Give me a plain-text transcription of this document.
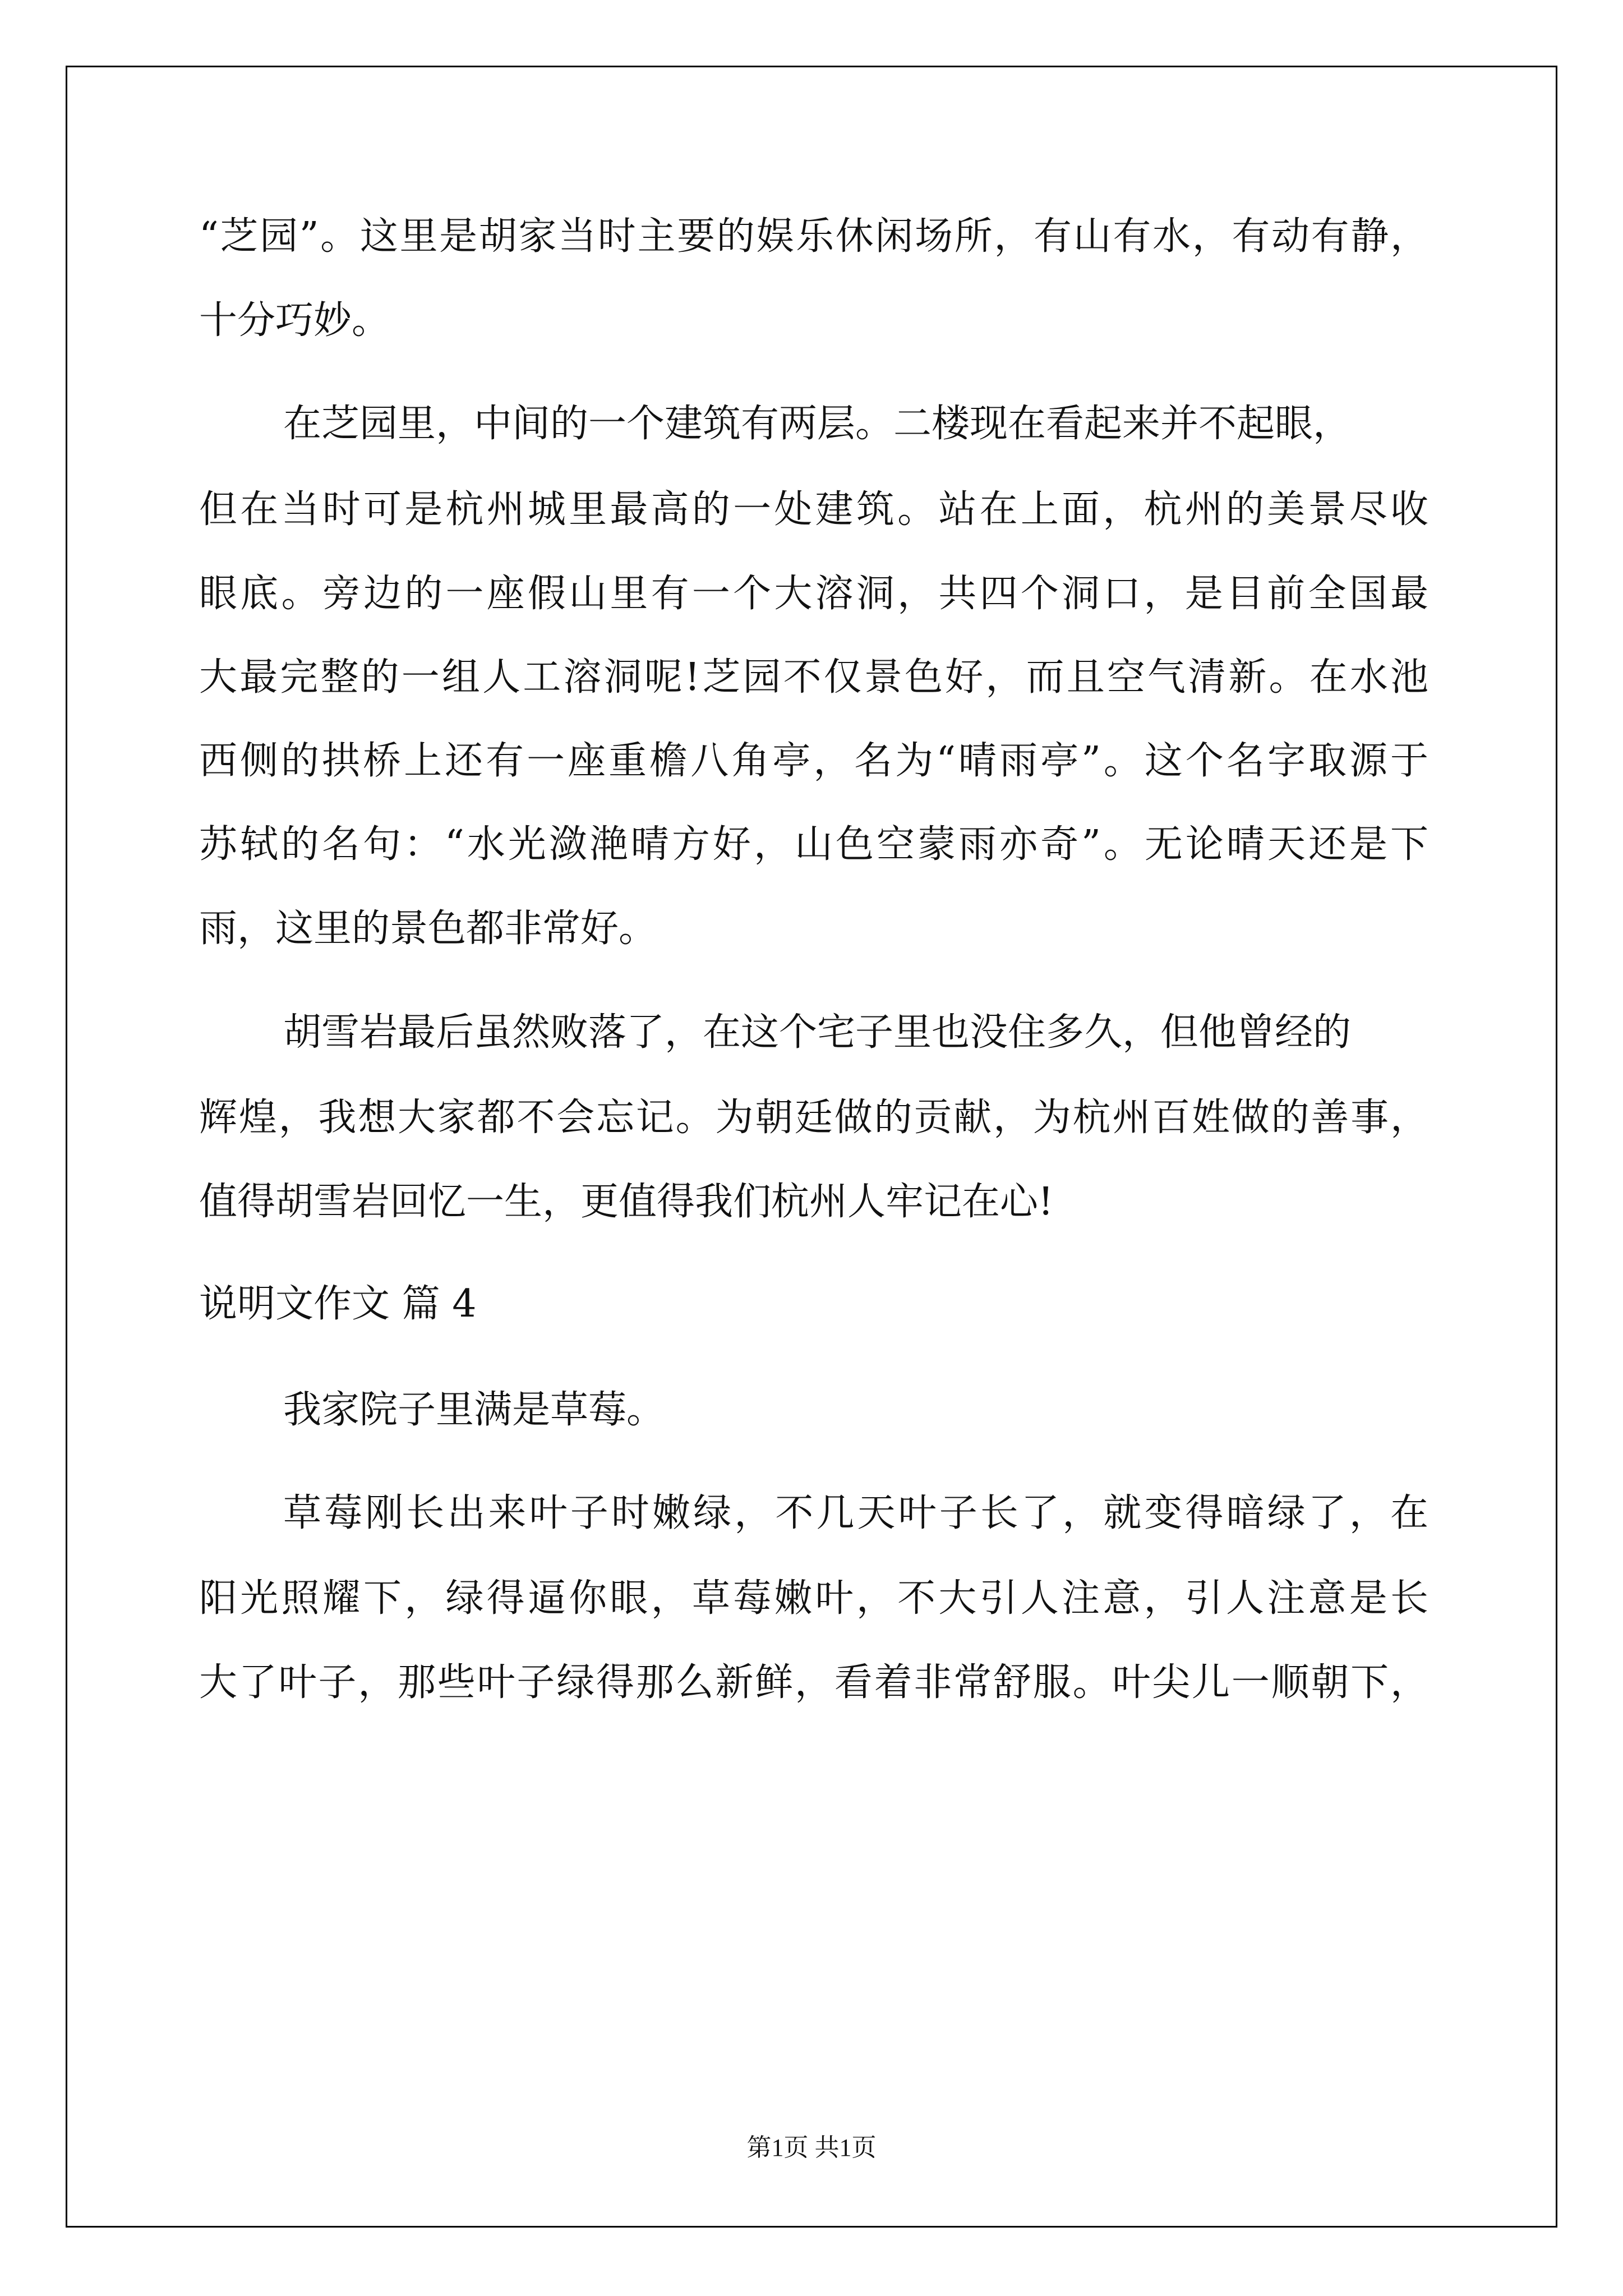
“芝园”。这里是胡家当时主要的娱乐休闲场所，有山有水，有动有静，
十分巧妙。
在芝园里，中间的一个建筑有两层。二楼现在看起来并不起眼，
但在当时可是杭州城里最高的一处建筑。站在上面，杭州的美景尽收
眼底。旁边的一座假山里有一个大溶洞，共四个洞口，是目前全国最
大最完整的一组人工溶洞呢!芝园不仅景色好，而且空气清新。在水池
西侧的拱桥上还有一座重檐八角亭，名为“晴雨亭”。这个名字取源于
苏轼的名句：“水光潋滟晴方好，山色空蒙雨亦奇”。无论晴天还是下
雨，这里的景色都非常好。
胡雪岩最后虽然败落了，在这个宅子里也没住多久，但他曾经的
辉煌，我想大家都不会忘记。为朝廷做的贡献，为杭州百姓做的善事，
值得胡雪岩回忆一生，更值得我们杭州人牢记在心!
说明文作文 篇 4
我家院子里满是草莓。
草莓刚长出来叶子时嫩绿，不几天叶子长了，就变得暗绿了，在
阳光照耀下，绿得逼你眼，草莓嫩叶，不大引人注意，引人注意是长
大了叶子，那些叶子绿得那么新鲜，看着非常舒服。叶尖儿一顺朝下，
第1页 共1页
